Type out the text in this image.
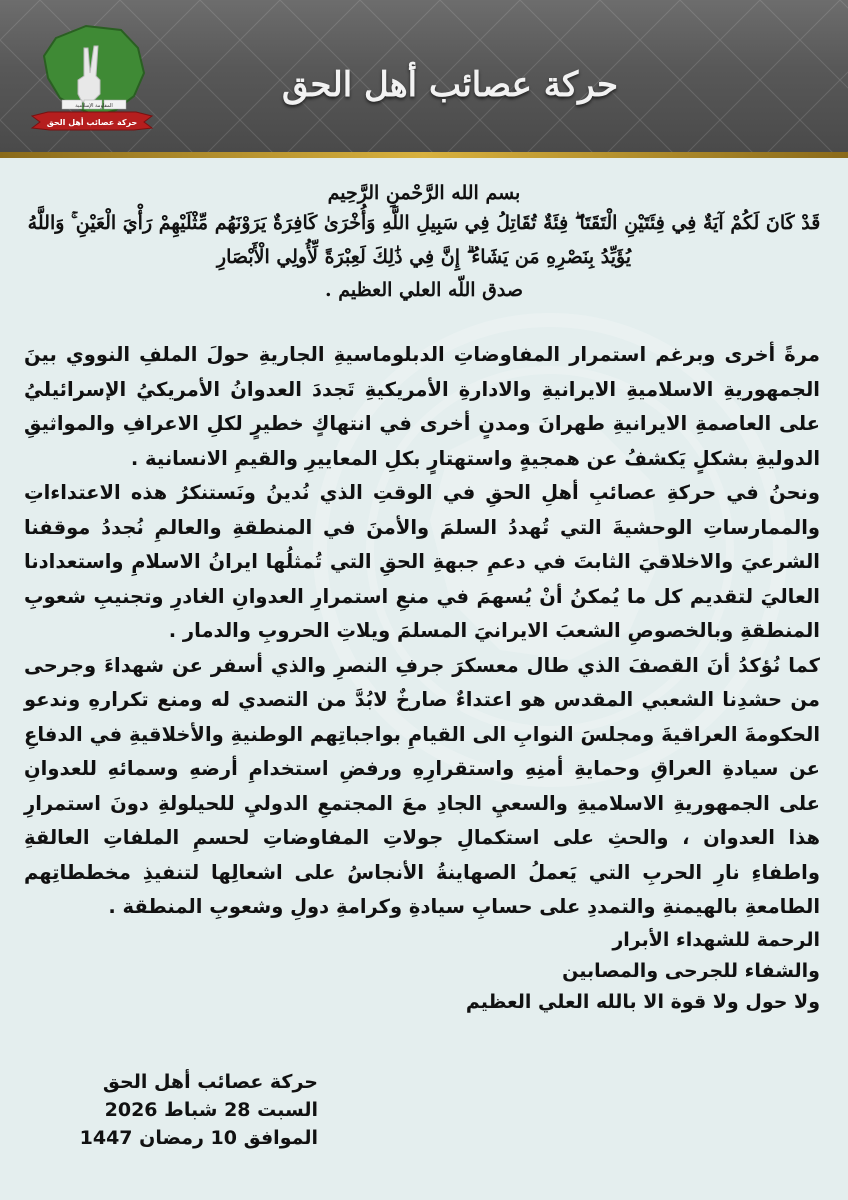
المقاومة الإسلامية
حركة عصائب أهل الحق
حركة عصائب أهل الحق
بسم الله الرَّحْمنِ الرَّحِيم
قَدْ كَانَ لَكُمْ آيَةٌ فِي فِئَتَيْنِ الْتَقَتَا ۖ فِئَةٌ تُقَاتِلُ فِي سَبِيلِ اللَّهِ وَأُخْرَىٰ كَافِرَةٌ يَرَوْنَهُم مِّثْلَيْهِمْ رَأْيَ الْعَيْنِ ۚ وَاللَّهُ يُؤَيِّدُ بِنَصْرِهِ مَن يَشَاءُ ۗ إِنَّ فِي ذَٰلِكَ لَعِبْرَةً لِّأُولِي الْأَبْصَارِ
صدق اللّه العلي العظيم .

مرةً أخرى وبرغم استمرار المفاوضاتِ الدبلوماسيةِ الجاريةِ حولَ الملفِ النووي بينَ الجمهوريةِ الاسلاميةِ الايرانيةِ والادارةِ الأمريكيةِ تَجددَ العدوانُ الأمريكيُ الإسرائيليُ على العاصمةِ الايرانيةِ طهرانَ ومدنٍ أخرى في انتهاكٍ خطيرٍ لكلِ الاعرافِ والمواثيقِ الدوليةِ بشكلٍ يَكشفُ عن همجيةٍ واستهتارٍ بكلِ المعاييرِ والقيمِ الانسانية .

ونحنُ في حركةِ عصائبِ أهلِ الحقِ في الوقتِ الذي نُدينُ ونَستنكرُ هذه الاعتداءاتِ والممارساتِ الوحشيةَ التي تُهددُ السلمَ والأمنَ في المنطقةِ والعالمِ نُجددُ موقفنا الشرعيَ والاخلاقيَ الثابتَ في دعمِ جبهةِ الحقِ التي تُمثلُها ايرانُ الاسلامِ واستعدادنا العاليَ لتقديم كل ما يُمكنُ أنْ يُسهمَ في منعِ استمرارِ العدوانِ الغادرِ وتجنيبِ شعوبِ المنطقةِ وبالخصوصِ الشعبَ الايرانيَ المسلمَ ويلاتِ الحروبِ والدمار .

كما نُؤكدُ أنَ القصفَ الذي طال معسكرَ جرفِ النصرِ والذي أسفر عن شهداءَ وجرحى من حشدِنا الشعبي المقدس هو اعتداءٌ صارخٌ لابُدَّ من التصدي له ومنع تكرارهِ وندعو الحكومةَ العراقيةَ ومجلسَ النوابِ الى القيامِ بواجباتِهم الوطنيةِ والأخلاقيةِ في الدفاعِ عن سيادةِ العراقِ وحمايةِ أمنِهِ واستقرارِهِ ورفضِ استخدامِ أرضهِ وسمائهِ للعدوانِ على الجمهوريةِ الاسلاميةِ والسعيِ الجادِ معَ المجتمعِ الدوليِ للحيلولةِ دونَ استمرارِ هذا العدوان ، والحثِ على استكمالِ جولاتِ المفاوضاتِ لحسمِ الملفاتِ العالقةِ واطفاءِ نارِ الحربِ التي يَعملُ الصهاينةُ الأنجاسُ على اشعالِها لتنفيذِ مخططاتِهم الطامعةِ بالهيمنةِ والتمددِ على حسابِ سيادةِ وكرامةِ دولِ وشعوبِ المنطقة .

الرحمة للشهداء الأبرار

والشفاء للجرحى والمصابين

ولا حول ولا قوة الا بالله العلي العظيم

حركة عصائب أهل الحق
السبت 28 شباط 2026
الموافق 10 رمضان 1447
